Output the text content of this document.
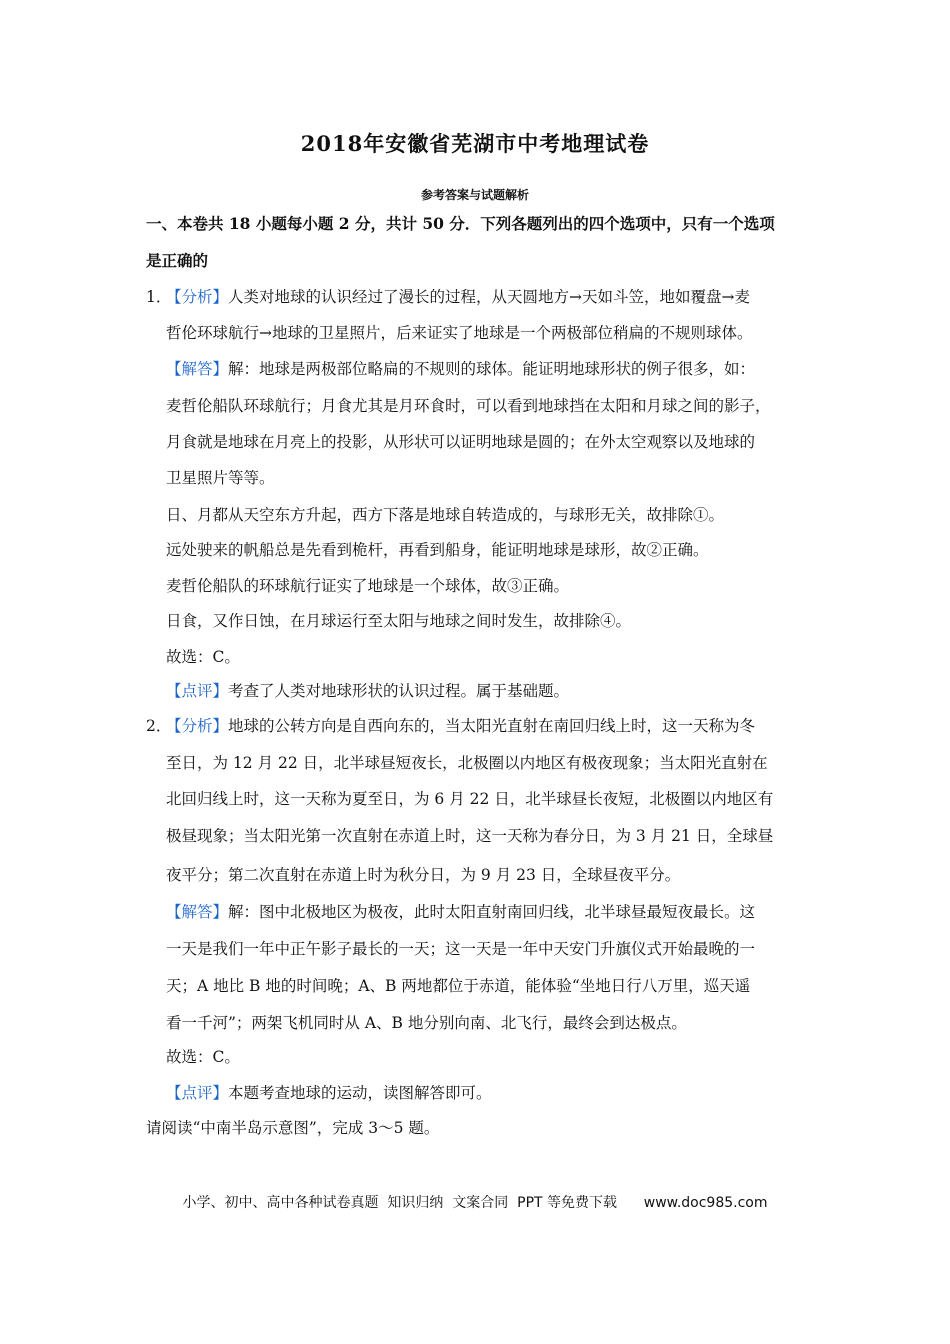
2018年安徽省芜湖市中考地理试卷
参考答案与试题解析
一、本卷共 18 小题每小题 2 分，共计 50 分．下列各题列出的四个选项中，只有一个选项
是正确的
1．
【分析】人类对地球的认识经过了漫长的过程，从天圆地方→天如斗笠，地如覆盘→麦
哲伦环球航行→地球的卫星照片，后来证实了地球是一个两极部位稍扁的不规则球体。
【解答】解：地球是两极部位略扁的不规则的球体。能证明地球形状的例子很多，如：
麦哲伦船队环球航行；月食尤其是月环食时，可以看到地球挡在太阳和月球之间的影子，
月食就是地球在月亮上的投影，从形状可以证明地球是圆的；在外太空观察以及地球的
卫星照片等等。
日、月都从天空东方升起，西方下落是地球自转造成的，与球形无关，故排除①。
远处驶来的帆船总是先看到桅杆，再看到船身，能证明地球是球形，故②正确。
麦哲伦船队的环球航行证实了地球是一个球体，故③正确。
日食，又作日蚀，在月球运行至太阳与地球之间时发生，故排除④。
故选：C。
【点评】考查了人类对地球形状的认识过程。属于基础题。
2．
【分析】地球的公转方向是自西向东的，当太阳光直射在南回归线上时，这一天称为冬
至日，为 12 月 22 日，北半球昼短夜长，北极圈以内地区有极夜现象；当太阳光直射在
北回归线上时，这一天称为夏至日，为 6 月 22 日，北半球昼长夜短，北极圈以内地区有
极昼现象；当太阳光第一次直射在赤道上时，这一天称为春分日，为 3 月 21 日，全球昼
夜平分；第二次直射在赤道上时为秋分日，为 9 月 23 日，全球昼夜平分。
【解答】解：图中北极地区为极夜，此时太阳直射南回归线，北半球昼最短夜最长。这
一天是我们一年中正午影子最长的一天；这一天是一年中天安门升旗仪式开始最晚的一
天；A 地比 B 地的时间晚；A、B 两地都位于赤道，能体验“坐地日行八万里，巡天遥
看一千河”；两架飞机同时从 A、B 地分别向南、北飞行，最终会到达极点。
故选：C。
【点评】本题考查地球的运动，读图解答即可。
请阅读“中南半岛示意图”，完成 3～5 题。
小学、初中、高中各种试卷真题  知识归纳  文案合同  PPT 等免费下载 www.doc985.com
